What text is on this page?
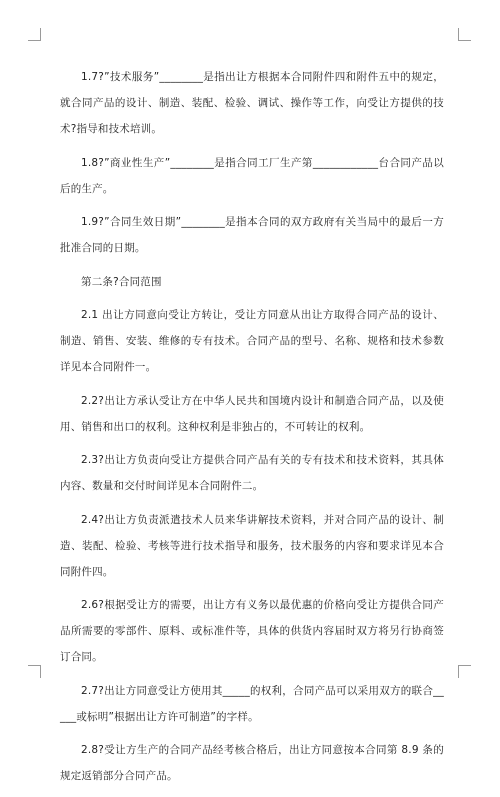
1.7?”技术服务”________是指出让方根据本合同附件四和附件五中的规定，就合同产品的设计、制造、装配、检验、调试、操作等工作，向受让方提供的技术?指导和技术培训。

1.8?”商业性生产”________是指合同工厂生产第____________台合同产品以后的生产。

1.9?”合同生效日期”________是指本合同的双方政府有关当局中的最后一方批准合同的日期。

第二条?合同范围

2.1 出让方同意向受让方转让，受让方同意从出让方取得合同产品的设计、制造、销售、安装、维修的专有技术。合同产品的型号、名称、规格和技术参数详见本合同附件一。

2.2?出让方承认受让方在中华人民共和国境内设计和制造合同产品，以及使用、销售和出口的权利。这种权利是非独占的，不可转让的权利。

2.3?出让方负责向受让方提供合同产品有关的专有技术和技术资料，其具体内容、数量和交付时间详见本合同附件二。

2.4?出让方负责派遣技术人员来华讲解技术资料，并对合同产品的设计、制造、装配、检验、考核等进行技术指导和服务，技术服务的内容和要求详见本合同附件四。

2.6?根据受让方的需要，出让方有义务以最优惠的价格向受让方提供合同产品所需要的零部件、原料、或标准件等，具体的供货内容届时双方将另行协商签订合同。

2.7?出让方同意受让方使用其_____的权利，合同产品可以采用双方的联合_____或标明”根据出让方许可制造”的字样。

2.8?受让方生产的合同产品经考核合格后，出让方同意按本合同第 8.9 条的规定返销部分合同产品。
